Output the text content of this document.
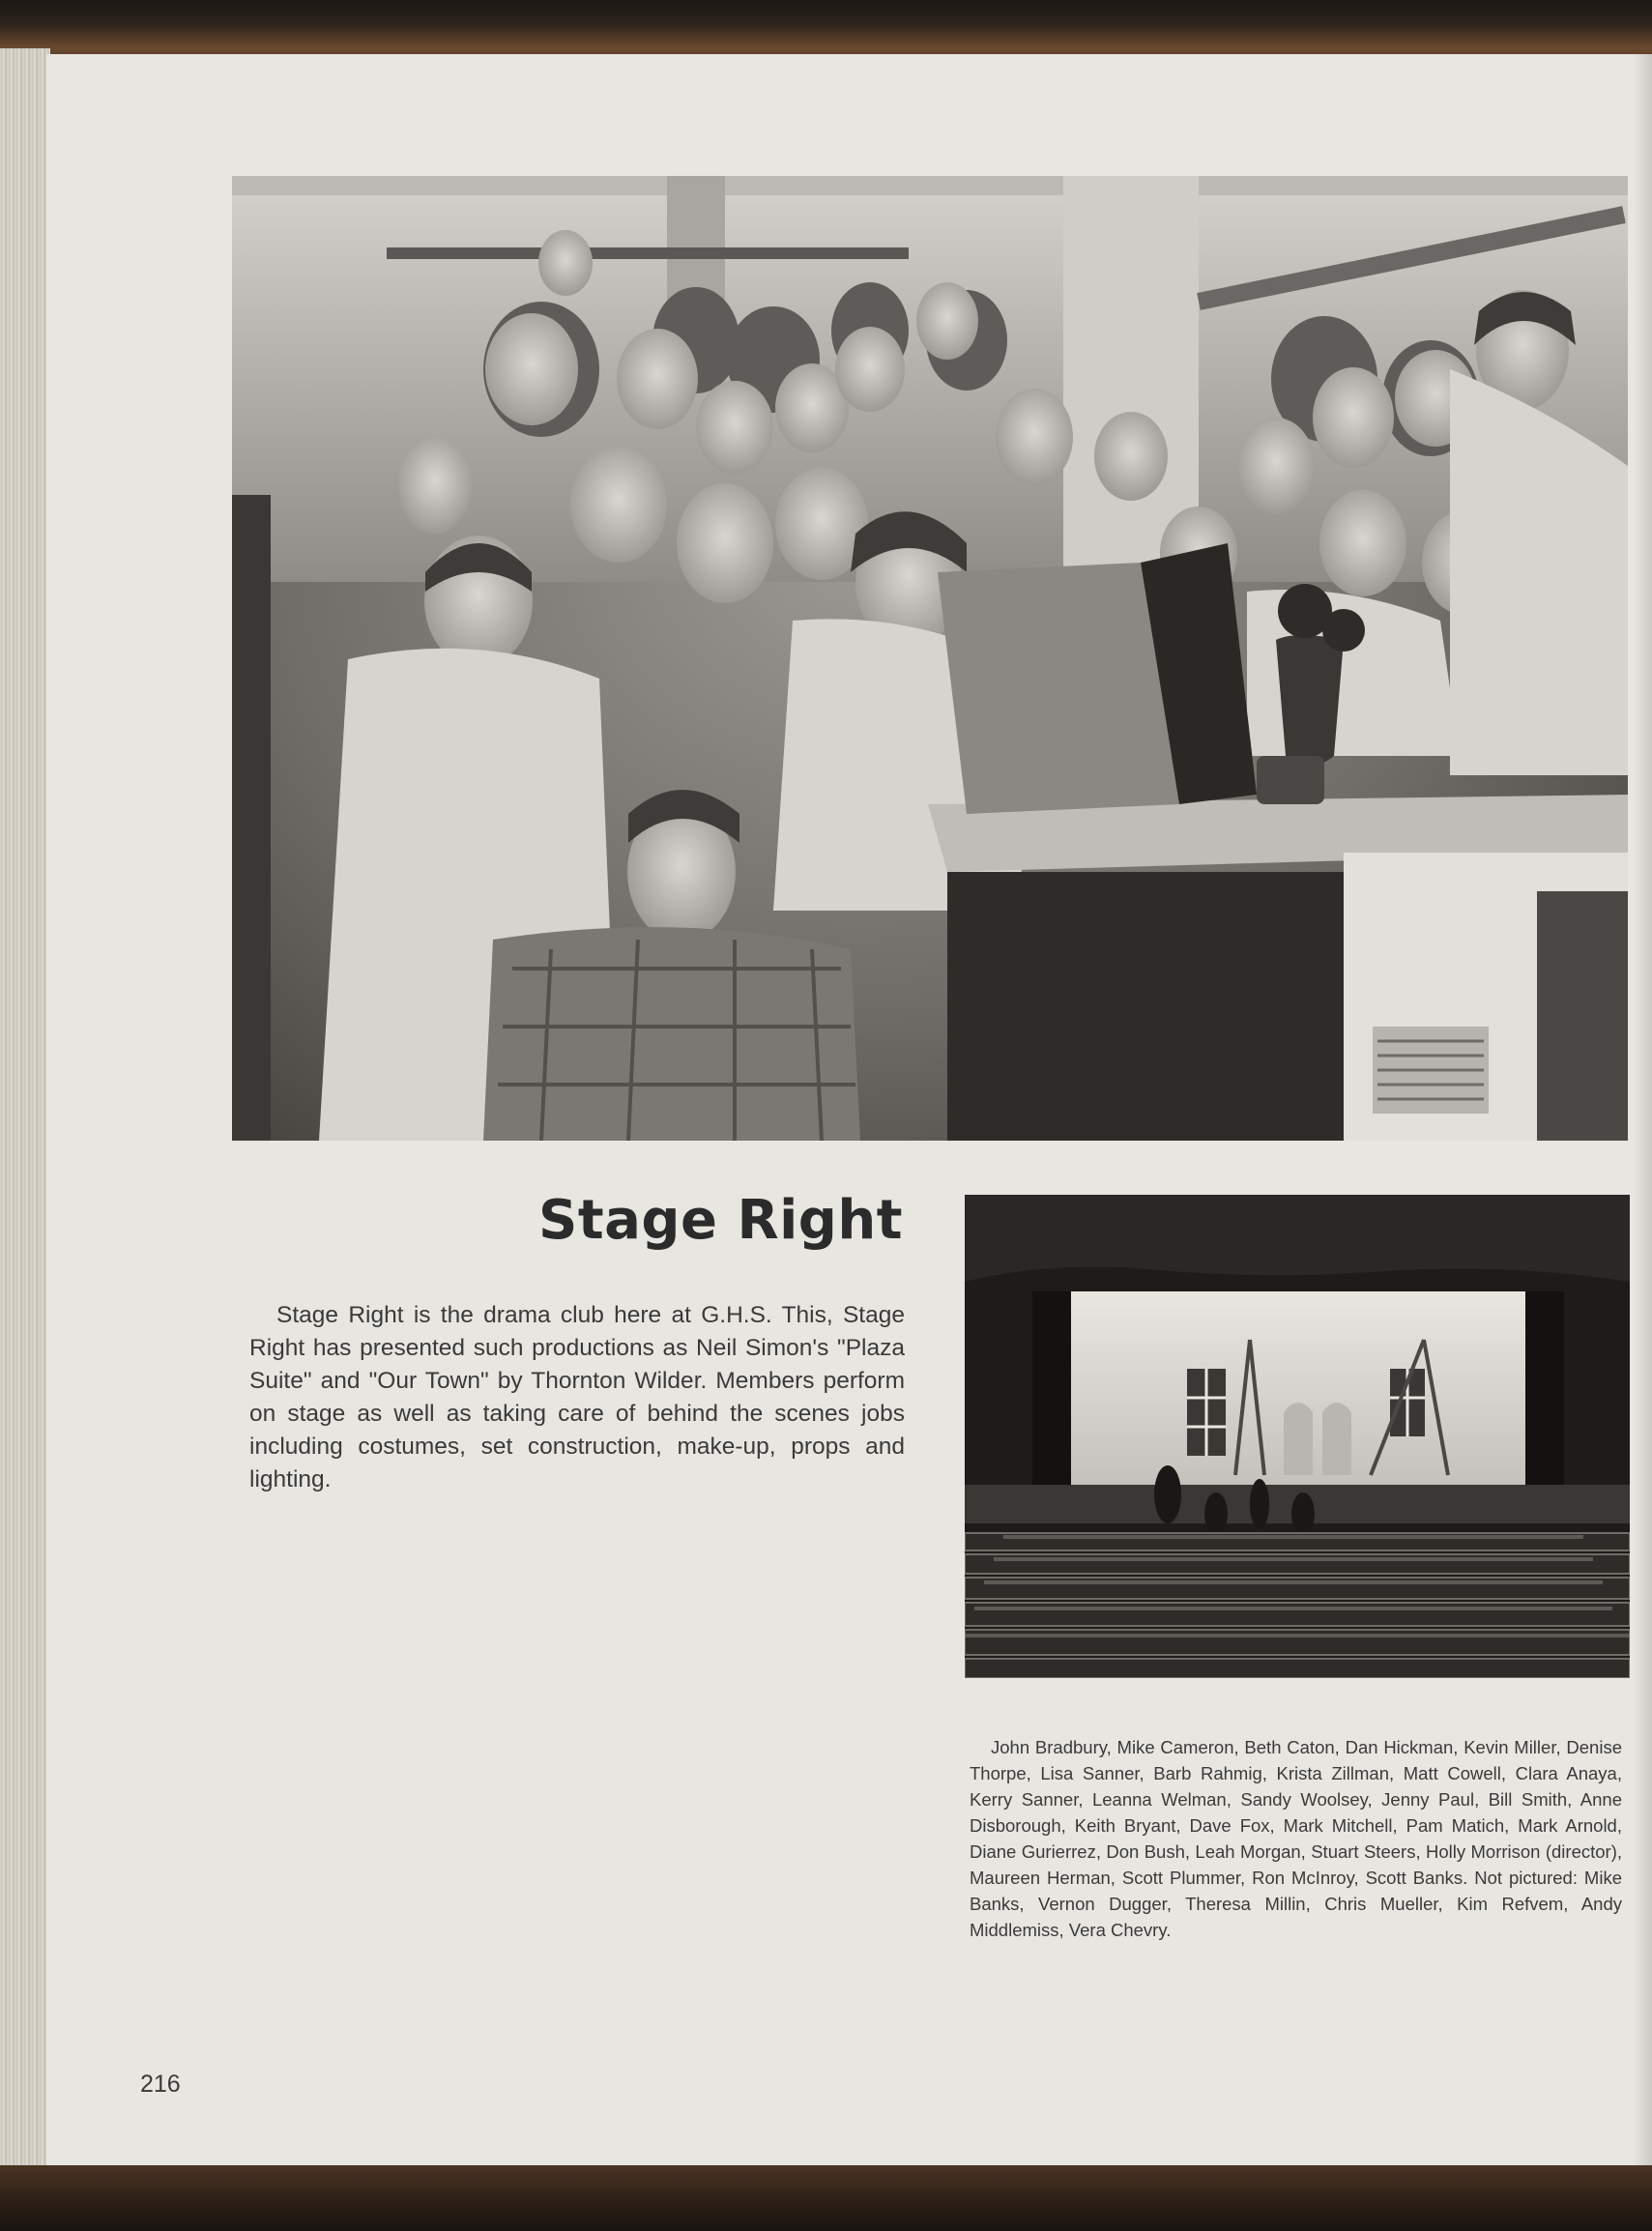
Stage Right

Stage Right is the drama club here at G.H.S. This, Stage Right has presented such productions as Neil Simon's "Plaza Suite" and "Our Town" by Thornton Wilder. Members perform on stage as well as taking care of behind the scenes jobs including costumes, set construction, make-up, props and lighting.

John Bradbury, Mike Cameron, Beth Caton, Dan Hickman, Kevin Miller, Denise Thorpe, Lisa Sanner, Barb Rahmig, Krista Zillman, Matt Cowell, Clara Anaya, Kerry Sanner, Leanna Welman, Sandy Woolsey, Jenny Paul, Bill Smith, Anne Disborough, Keith Bryant, Dave Fox, Mark Mitchell, Pam Matich, Mark Arnold, Diane Gurierrez, Don Bush, Leah Morgan, Stuart Steers, Holly Morrison (director), Maureen Herman, Scott Plummer, Ron McInroy, Scott Banks. Not pictured: Mike Banks, Vernon Dugger, Theresa Millin, Chris Mueller, Kim Refvem, Andy Middlemiss, Vera Chevry.

216
